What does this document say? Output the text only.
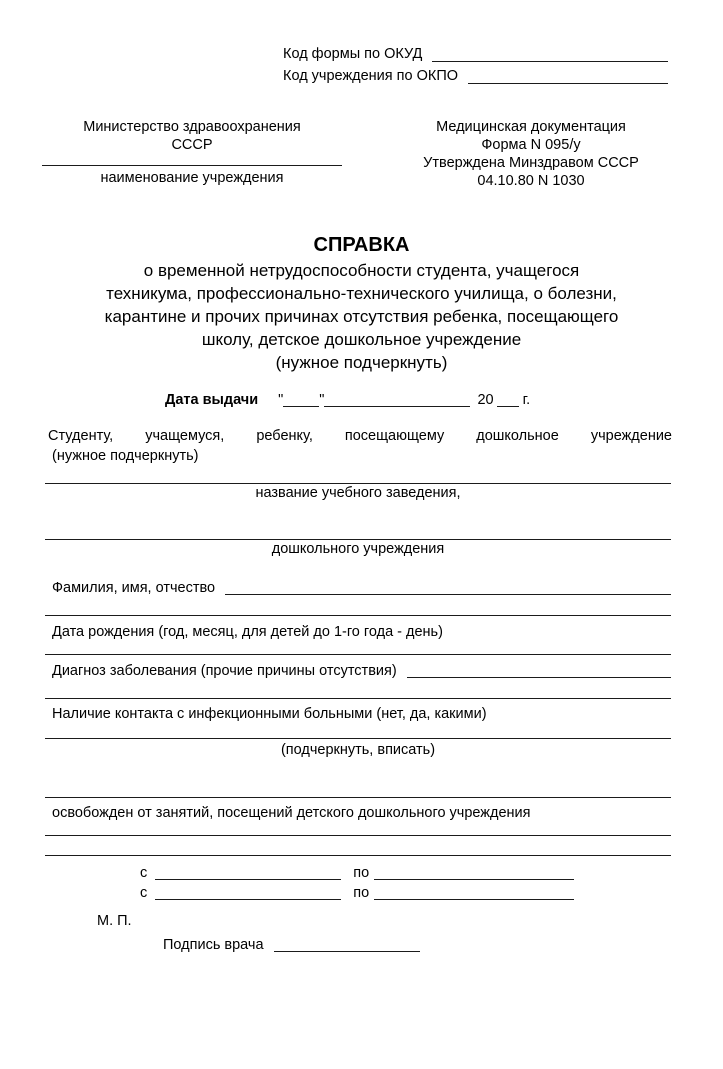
Код формы по ОКУД
Код учреждения по ОКПО
Министерство здравоохранения
СССР
наименование учреждения
Медицинская документация
Форма N 095/у
Утверждена Минздравом СССР
04.10.80 N 1030
СПРАВКА
о временной нетрудоспособности студента, учащегося
техникума, профессионально-технического училища, о болезни,
карантине и прочих причинах отсутствия ребенка, посещающего
школу, детское дошкольное учреждение
(нужное подчеркнуть)
Дата выдачи " "	20 г.
Студенту, учащемуся, ребенку, посещающему дошкольное учреждение
(нужное подчеркнуть)
название учебного заведения,
дошкольного учреждения
Фамилия, имя, отчество
Дата рождения (год, месяц, для детей до 1-го года - день)
Диагноз заболевания (прочие причины отсутствия)
Наличие контакта с инфекционными больными (нет, да, какими)
(подчеркнуть, вписать)
освобожден от занятий, посещений детского дошкольного учреждения
с	по
с	по
М. П.
Подпись врача
